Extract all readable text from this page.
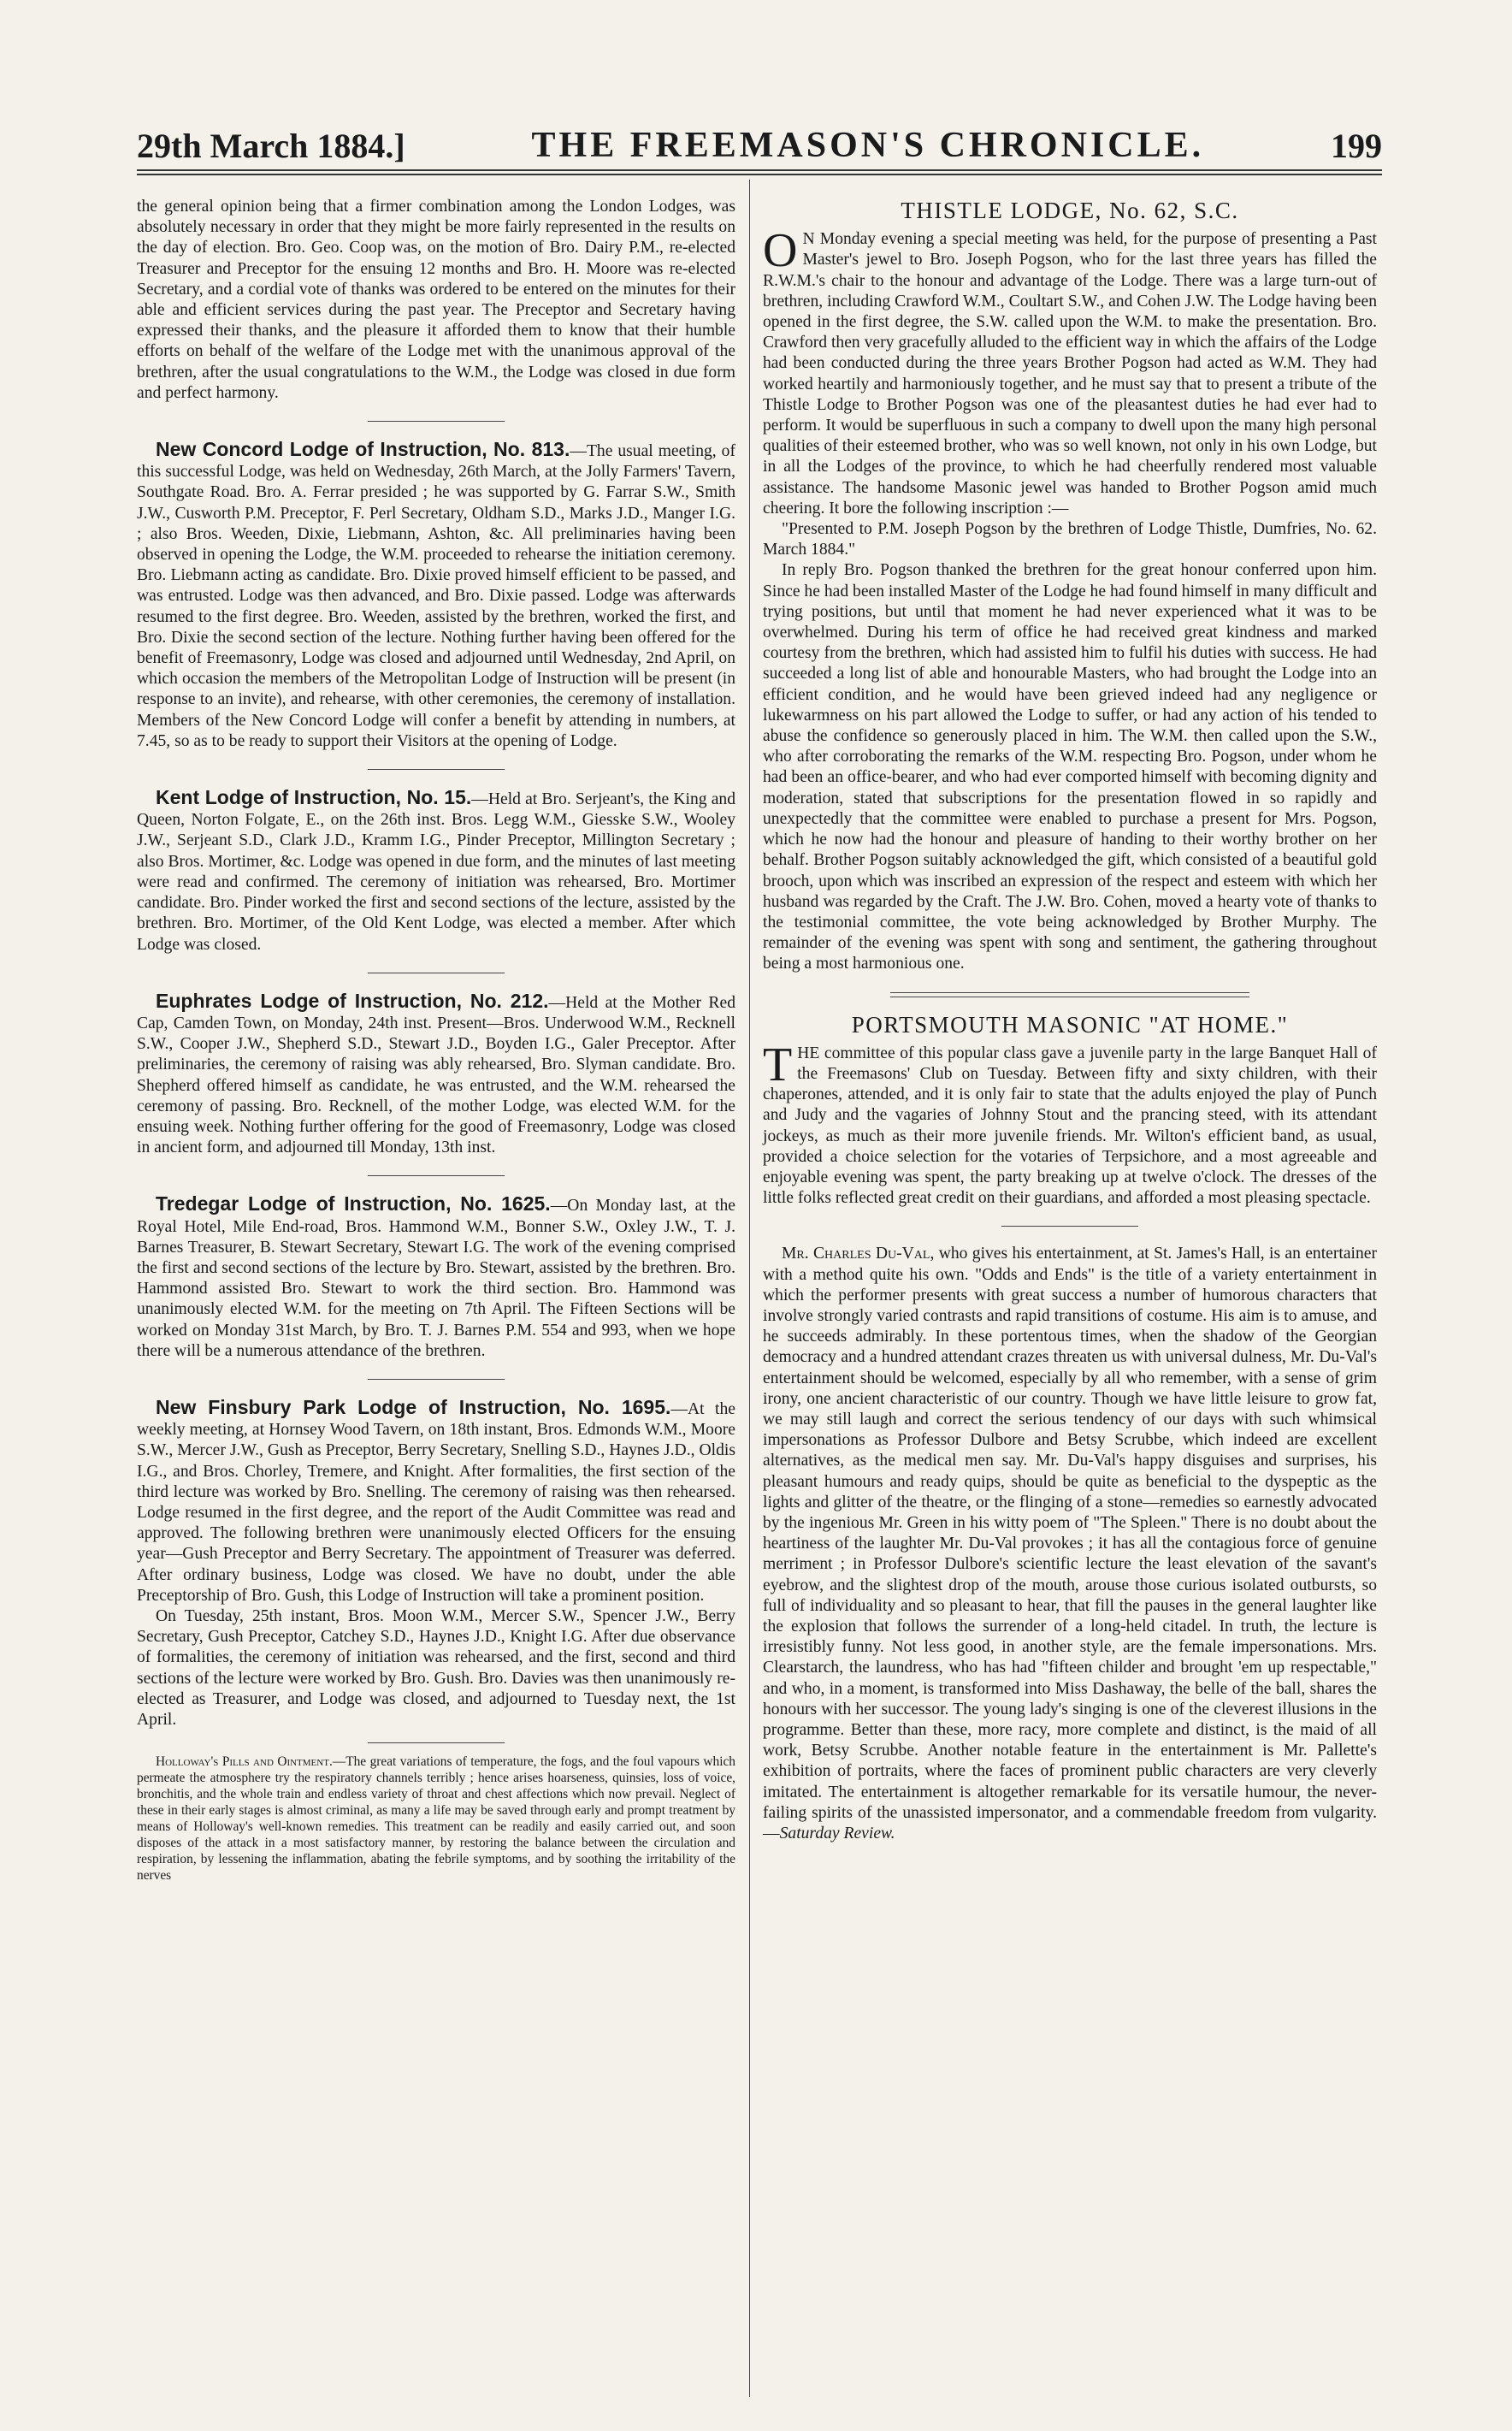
29th March 1884.]	THE FREEMASON'S CHRONICLE.	199

the general opinion being that a firmer combination among the London Lodges, was absolutely necessary in order that they might be more fairly represented in the results on the day of election. Bro. Geo. Coop was, on the motion of Bro. Dairy P.M., re-elected Treasurer and Preceptor for the ensuing 12 months and Bro. H. Moore was re-elected Secretary, and a cordial vote of thanks was ordered to be entered on the minutes for their able and efficient services during the past year. The Preceptor and Secretary having expressed their thanks, and the pleasure it afforded them to know that their humble efforts on behalf of the welfare of the Lodge met with the unanimous approval of the brethren, after the usual congratulations to the W.M., the Lodge was closed in due form and perfect harmony.

New Concord Lodge of Instruction, No. 813.—The usual meeting, of this successful Lodge, was held on Wednesday, 26th March, at the Jolly Farmers' Tavern, Southgate Road. Bro. A. Ferrar presided ; he was supported by G. Farrar S.W., Smith J.W., Cusworth P.M. Preceptor, F. Perl Secretary, Oldham S.D., Marks J.D., Manger I.G. ; also Bros. Weeden, Dixie, Liebmann, Ashton, &c. All preliminaries having been observed in opening the Lodge, the W.M. proceeded to rehearse the initiation ceremony. Bro. Liebmann acting as candidate. Bro. Dixie proved himself efficient to be passed, and was entrusted. Lodge was then advanced, and Bro. Dixie passed. Lodge was afterwards resumed to the first degree. Bro. Weeden, assisted by the brethren, worked the first, and Bro. Dixie the second section of the lecture. Nothing further having been offered for the benefit of Freemasonry, Lodge was closed and adjourned until Wednesday, 2nd April, on which occasion the members of the Metropolitan Lodge of Instruction will be present (in response to an invite), and rehearse, with other ceremonies, the ceremony of installation. Members of the New Concord Lodge will confer a benefit by attending in numbers, at 7.45, so as to be ready to support their Visitors at the opening of Lodge.

Kent Lodge of Instruction, No. 15.—Held at Bro. Serjeant's, the King and Queen, Norton Folgate, E., on the 26th inst. Bros. Legg W.M., Giesske S.W., Wooley J.W., Serjeant S.D., Clark J.D., Kramm I.G., Pinder Preceptor, Millington Secretary ; also Bros. Mortimer, &c. Lodge was opened in due form, and the minutes of last meeting were read and confirmed. The ceremony of initiation was rehearsed, Bro. Mortimer candidate. Bro. Pinder worked the first and second sections of the lecture, assisted by the brethren. Bro. Mortimer, of the Old Kent Lodge, was elected a member. After which Lodge was closed.

Euphrates Lodge of Instruction, No. 212.—Held at the Mother Red Cap, Camden Town, on Monday, 24th inst. Present—Bros. Underwood W.M., Recknell S.W., Cooper J.W., Shepherd S.D., Stewart J.D., Boyden I.G., Galer Preceptor. After preliminaries, the ceremony of raising was ably rehearsed, Bro. Slyman candidate. Bro. Shepherd offered himself as candidate, he was entrusted, and the W.M. rehearsed the ceremony of passing. Bro. Recknell, of the mother Lodge, was elected W.M. for the ensuing week. Nothing further offering for the good of Freemasonry, Lodge was closed in ancient form, and adjourned till Monday, 13th inst.

Tredegar Lodge of Instruction, No. 1625.—On Monday last, at the Royal Hotel, Mile End-road, Bros. Hammond W.M., Bonner S.W., Oxley J.W., T. J. Barnes Treasurer, B. Stewart Secretary, Stewart I.G. The work of the evening comprised the first and second sections of the lecture by Bro. Stewart, assisted by the brethren. Bro. Hammond assisted Bro. Stewart to work the third section. Bro. Hammond was unanimously elected W.M. for the meeting on 7th April. The Fifteen Sections will be worked on Monday 31st March, by Bro. T. J. Barnes P.M. 554 and 993, when we hope there will be a numerous attendance of the brethren.

New Finsbury Park Lodge of Instruction, No. 1695.—At the weekly meeting, at Hornsey Wood Tavern, on 18th instant, Bros. Edmonds W.M., Moore S.W., Mercer J.W., Gush as Preceptor, Berry Secretary, Snelling S.D., Haynes J.D., Oldis I.G., and Bros. Chorley, Tremere, and Knight. After formalities, the first section of the third lecture was worked by Bro. Snelling. The ceremony of raising was then rehearsed. Lodge resumed in the first degree, and the report of the Audit Committee was read and approved. The following brethren were unanimously elected Officers for the ensuing year—Gush Preceptor and Berry Secretary. The appointment of Treasurer was deferred. After ordinary business, Lodge was closed. We have no doubt, under the able Preceptorship of Bro. Gush, this Lodge of Instruction will take a prominent position.

On Tuesday, 25th instant, Bros. Moon W.M., Mercer S.W., Spencer J.W., Berry Secretary, Gush Preceptor, Catchey S.D., Haynes J.D., Knight I.G. After due observance of formalities, the ceremony of initiation was rehearsed, and the first, second and third sections of the lecture were worked by Bro. Gush. Bro. Davies was then unanimously re-elected as Treasurer, and Lodge was closed, and adjourned to Tuesday next, the 1st April.

Holloway's Pills and Ointment.—The great variations of temperature, the fogs, and the foul vapours which permeate the atmosphere try the respiratory channels terribly ; hence arises hoarseness, quinsies, loss of voice, bronchitis, and the whole train and endless variety of throat and chest affections which now prevail. Neglect of these in their early stages is almost criminal, as many a life may be saved through early and prompt treatment by means of Holloway's well-known remedies. This treatment can be readily and easily carried out, and soon disposes of the attack in a most satisfactory manner, by restoring the balance between the circulation and respiration, by lessening the inflammation, abating the febrile symptoms, and by soothing the irritability of the nerves

THISTLE LODGE, No. 62, S.C.

O N Monday evening a special meeting was held, for the purpose of presenting a Past Master's jewel to Bro. Joseph Pogson, who for the last three years has filled the R.W.M.'s chair to the honour and advantage of the Lodge. There was a large turn-out of brethren, including Crawford W.M., Coultart S.W., and Cohen J.W. The Lodge having been opened in the first degree, the S.W. called upon the W.M. to make the presentation. Bro. Crawford then very gracefully alluded to the efficient way in which the affairs of the Lodge had been conducted during the three years Brother Pogson had acted as W.M. They had worked heartily and harmoniously together, and he must say that to present a tribute of the Thistle Lodge to Brother Pogson was one of the pleasantest duties he had ever had to perform. It would be superfluous in such a company to dwell upon the many high personal qualities of their esteemed brother, who was so well known, not only in his own Lodge, but in all the Lodges of the province, to which he had cheerfully rendered most valuable assistance. The handsome Masonic jewel was handed to Brother Pogson amid much cheering. It bore the following inscription :—

"Presented to P.M. Joseph Pogson by the brethren of Lodge Thistle, Dumfries, No. 62. March 1884."

In reply Bro. Pogson thanked the brethren for the great honour conferred upon him. Since he had been installed Master of the Lodge he had found himself in many difficult and trying positions, but until that moment he had never experienced what it was to be overwhelmed. During his term of office he had received great kindness and marked courtesy from the brethren, which had assisted him to fulfil his duties with success. He had succeeded a long list of able and honourable Masters, who had brought the Lodge into an efficient condition, and he would have been grieved indeed had any negligence or lukewarmness on his part allowed the Lodge to suffer, or had any action of his tended to abuse the confidence so generously placed in him. The W.M. then called upon the S.W., who after corroborating the remarks of the W.M. respecting Bro. Pogson, under whom he had been an office-bearer, and who had ever comported himself with becoming dignity and moderation, stated that subscriptions for the presentation flowed in so rapidly and unexpectedly that the committee were enabled to purchase a present for Mrs. Pogson, which he now had the honour and pleasure of handing to their worthy brother on her behalf. Brother Pogson suitably acknowledged the gift, which consisted of a beautiful gold brooch, upon which was inscribed an expression of the respect and esteem with which her husband was regarded by the Craft. The J.W. Bro. Cohen, moved a hearty vote of thanks to the testimonial committee, the vote being acknowledged by Brother Murphy. The remainder of the evening was spent with song and sentiment, the gathering throughout being a most harmonious one.

PORTSMOUTH MASONIC "AT HOME."

THE committee of this popular class gave a juvenile party in the large Banquet Hall of the Freemasons' Club on Tuesday. Between fifty and sixty children, with their chaperones, attended, and it is only fair to state that the adults enjoyed the play of Punch and Judy and the vagaries of Johnny Stout and the prancing steed, with its attendant jockeys, as much as their more juvenile friends. Mr. Wilton's efficient band, as usual, provided a choice selection for the votaries of Terpsichore, and a most agreeable and enjoyable evening was spent, the party breaking up at twelve o'clock. The dresses of the little folks reflected great credit on their guardians, and afforded a most pleasing spectacle.

Mr. Charles Du-Val, who gives his entertainment, at St. James's Hall, is an entertainer with a method quite his own. "Odds and Ends" is the title of a variety entertainment in which the performer presents with great success a number of humorous characters that involve strongly varied contrasts and rapid transitions of costume. His aim is to amuse, and he succeeds admirably. In these portentous times, when the shadow of the Georgian democracy and a hundred attendant crazes threaten us with universal dulness, Mr. Du-Val's entertainment should be welcomed, especially by all who remember, with a sense of grim irony, one ancient characteristic of our country. Though we have little leisure to grow fat, we may still laugh and correct the serious tendency of our days with such whimsical impersonations as Professor Dulbore and Betsy Scrubbe, which indeed are excellent alternatives, as the medical men say. Mr. Du-Val's happy disguises and surprises, his pleasant humours and ready quips, should be quite as beneficial to the dyspeptic as the lights and glitter of the theatre, or the flinging of a stone—remedies so earnestly advocated by the ingenious Mr. Green in his witty poem of "The Spleen." There is no doubt about the heartiness of the laughter Mr. Du-Val provokes ; it has all the contagious force of genuine merriment ; in Professor Dulbore's scientific lecture the least elevation of the savant's eyebrow, and the slightest drop of the mouth, arouse those curious isolated outbursts, so full of individuality and so pleasant to hear, that fill the pauses in the general laughter like the explosion that follows the surrender of a long-held citadel. In truth, the lecture is irresistibly funny. Not less good, in another style, are the female impersonations. Mrs. Clearstarch, the laundress, who has had "fifteen childer and brought 'em up respectable," and who, in a moment, is transformed into Miss Dashaway, the belle of the ball, shares the honours with her successor. The young lady's singing is one of the cleverest illusions in the programme. Better than these, more racy, more complete and distinct, is the maid of all work, Betsy Scrubbe. Another notable feature in the entertainment is Mr. Pallette's exhibition of portraits, where the faces of prominent public characters are very cleverly imitated. The entertainment is altogether remarkable for its versatile humour, the never-failing spirits of the unassisted impersonator, and a commendable freedom from vulgarity.—Saturday Review.
